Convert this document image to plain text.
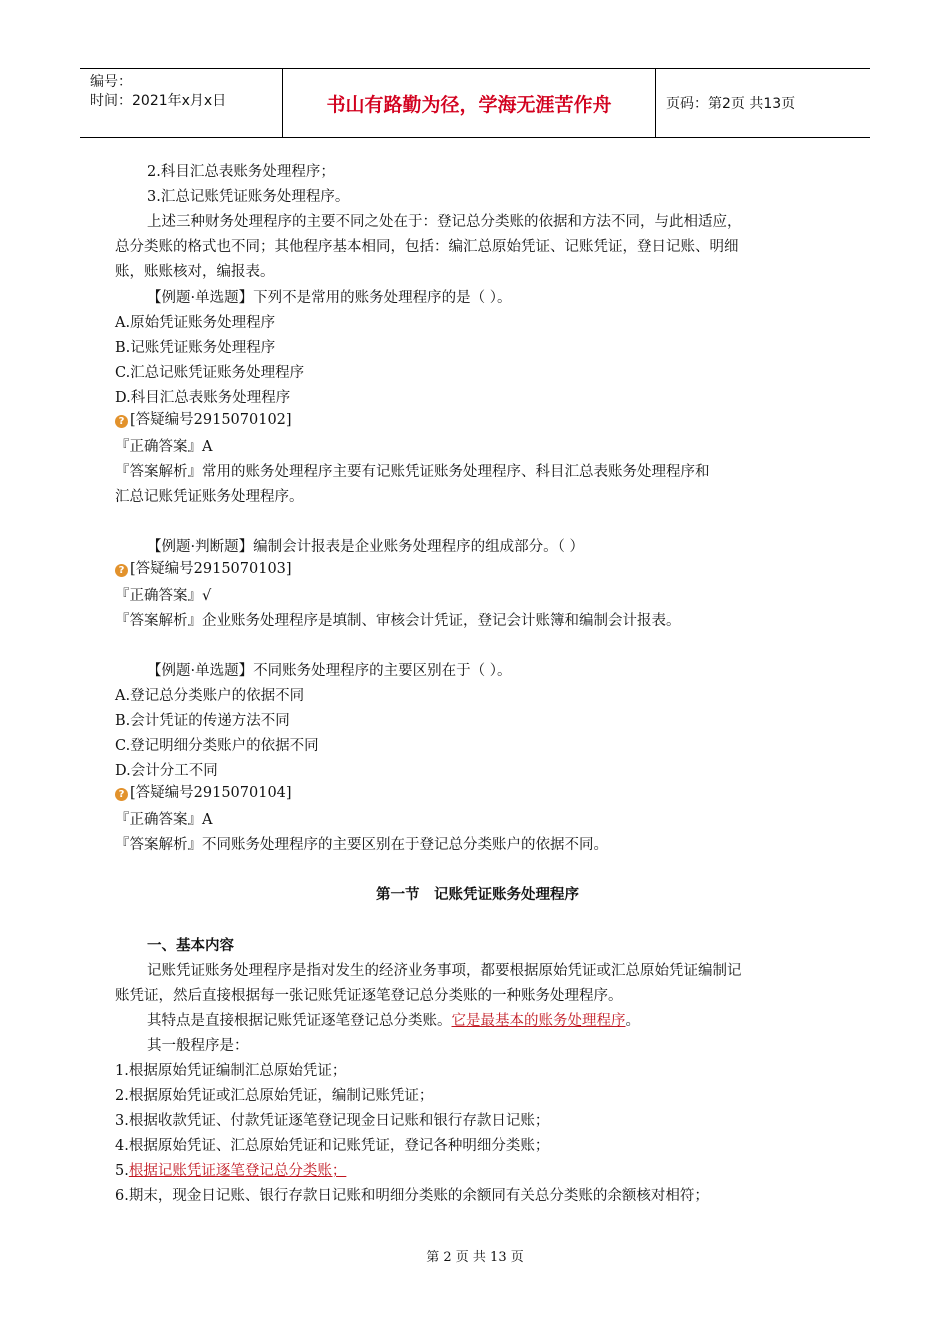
编号：
时间：2021年x月x日	书山有路勤为径，学海无涯苦作舟	页码：第2页 共13页
2.科目汇总表账务处理程序；
3.汇总记账凭证账务处理程序。
上述三种财务处理程序的主要不同之处在于：登记总分类账的依据和方法不同，与此相适应，
总分类账的格式也不同；其他程序基本相同，包括：编汇总原始凭证、记账凭证，登日记账、明细
账，账账核对，编报表。
【例题·单选题】下列不是常用的账务处理程序的是（ ）。
A.原始凭证账务处理程序
B.记账凭证账务处理程序
C.汇总记账凭证账务处理程序
D.科目汇总表账务处理程序
? [答疑编号2915070102]
『正确答案』A
『答案解析』常用的账务处理程序主要有记账凭证账务处理程序、科目汇总表账务处理程序和
汇总记账凭证账务处理程序。
【例题·判断题】编制会计报表是企业账务处理程序的组成部分。（ ）
? [答疑编号2915070103]
『正确答案』√
『答案解析』企业账务处理程序是填制、审核会计凭证，登记会计账簿和编制会计报表。
【例题·单选题】不同账务处理程序的主要区别在于（ ）。
A.登记总分类账户的依据不同
B.会计凭证的传递方法不同
C.登记明细分类账户的依据不同
D.会计分工不同
? [答疑编号2915070104]
『正确答案』A
『答案解析』不同账务处理程序的主要区别在于登记总分类账户的依据不同。
第一节　记账凭证账务处理程序
一、基本内容
记账凭证账务处理程序是指对发生的经济业务事项，都要根据原始凭证或汇总原始凭证编制记
账凭证，然后直接根据每一张记账凭证逐笔登记总分类账的一种账务处理程序。
其特点是直接根据记账凭证逐笔登记总分类账。它是最基本的账务处理程序。
其一般程序是：
1.根据原始凭证编制汇总原始凭证；
2.根据原始凭证或汇总原始凭证，编制记账凭证；
3.根据收款凭证、付款凭证逐笔登记现金日记账和银行存款日记账；
4.根据原始凭证、汇总原始凭证和记账凭证，登记各种明细分类账；
5.根据记账凭证逐笔登记总分类账；
6.期末，现金日记账、银行存款日记账和明细分类账的余额同有关总分类账的余额核对相符；
第 2 页 共 13 页
